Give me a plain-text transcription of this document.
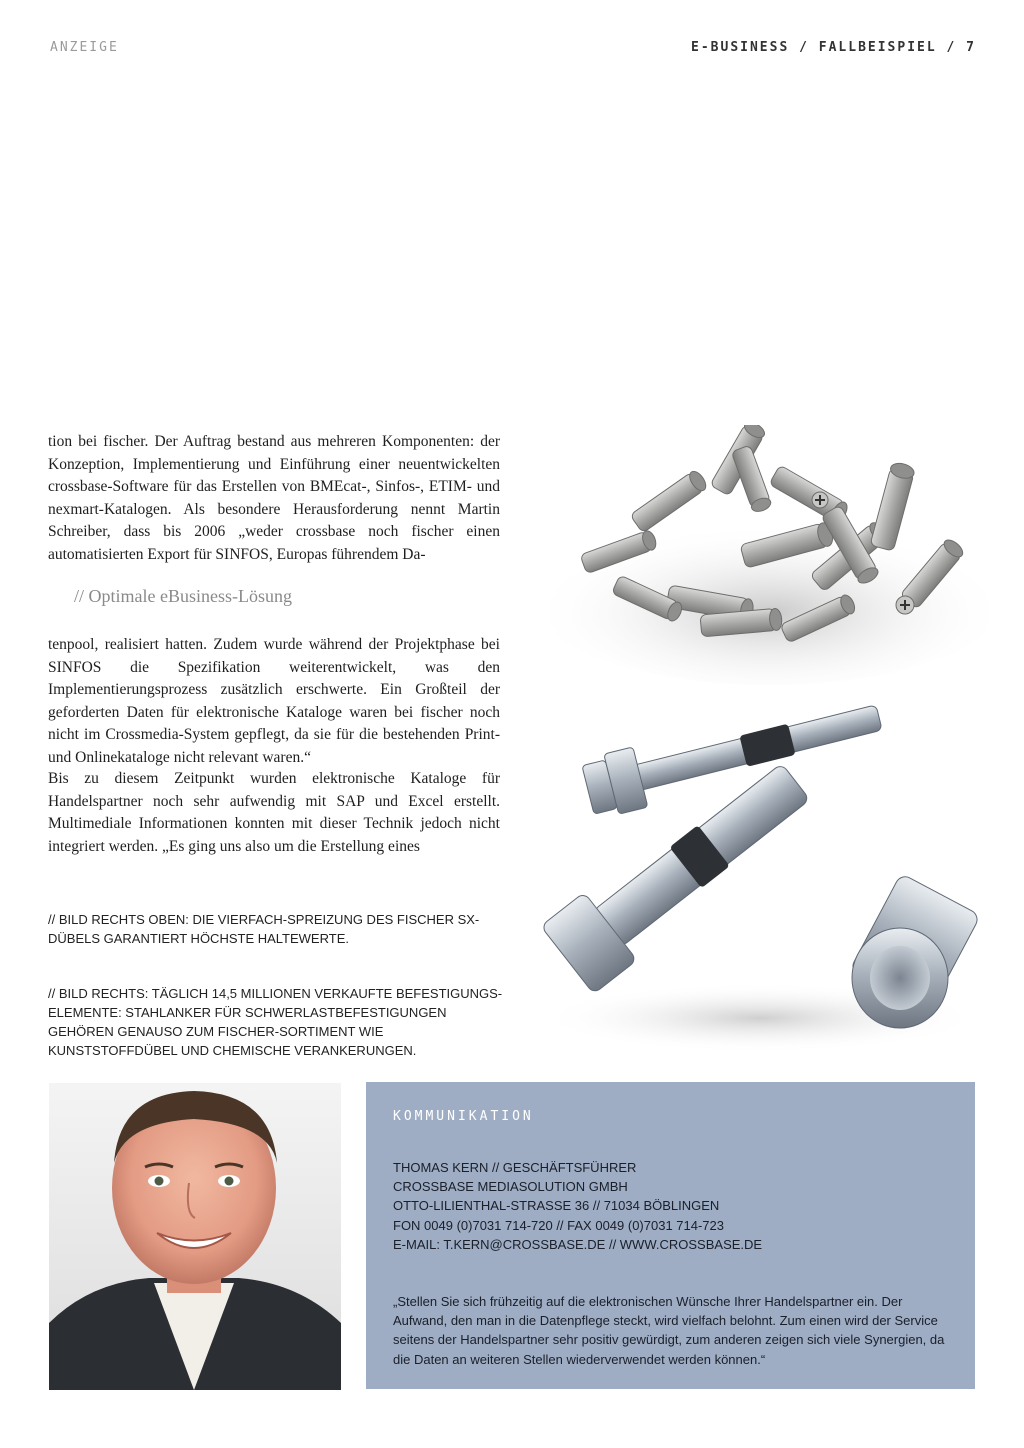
ANZEIGE	E-BUSINESS / FALLBEISPIEL / 7

tion bei fischer. Der Auftrag bestand aus mehreren Komponenten: der Konzeption, Implementierung und Einführung einer neuentwickelten crossbase-Software für das Erstellen von BMEcat-, Sinfos-, ETIM- und nexmart-Katalogen. Als besondere Herausforderung nennt Martin Schreiber, dass bis 2006 „weder crossbase noch fischer einen automatisierten Export für SINFOS, Europas führendem Da-

// Optimale eBusiness-Lösung

tenpool, realisiert hatten. Zudem wurde während der Projektphase bei SINFOS die Spezifikation weiterentwickelt, was den Implementierungsprozess zusätzlich erschwerte. Ein Großteil der geforderten Daten für elektronische Kataloge waren bei fischer noch nicht im Crossmedia-System gepflegt, da sie für die bestehenden Print- und Onlinekataloge nicht relevant waren.“

Bis zu diesem Zeitpunkt wurden elektronische Kataloge für Handelspartner noch sehr aufwendig mit SAP und Excel erstellt. Multimediale Informationen konnten mit dieser Technik jedoch nicht integriert werden. „Es ging uns also um die Erstellung eines

// BILD RECHTS OBEN: DIE VIERFACH-SPREIZUNG DES FISCHER SX-DÜBELS GARANTIERT HÖCHSTE HALTEWERTE.
// BILD RECHTS: TÄGLICH 14,5 MILLIONEN VERKAUFTE BEFESTIGUNGS-ELEMENTE: STAHLANKER FÜR SCHWERLASTBEFESTIGUNGEN GEHÖREN GENAUSO ZUM FISCHER-SORTIMENT WIE KUNSTSTOFFDÜBEL UND CHEMISCHE VERANKERUNGEN.
KOMMUNIKATION
THOMAS KERN // GESCHÄFTSFÜHRER
CROSSBASE MEDIASOLUTION GMBH
OTTO-LILIENTHAL-STRASSE 36 // 71034 BÖBLINGEN
FON 0049 (0)7031 714-720 // FAX 0049 (0)7031 714-723
E-MAIL: T.KERN@CROSSBASE.DE // WWW.CROSSBASE.DE
„Stellen Sie sich frühzeitig auf die elektronischen Wünsche Ihrer Handelspartner ein. Der Aufwand, den man in die Datenpflege steckt, wird vielfach belohnt. Zum einen wird der Service seitens der Handelspartner sehr positiv gewürdigt, zum anderen zeigen sich viele Synergien, da die Daten an weiteren Stellen wiederverwendet werden können.“
